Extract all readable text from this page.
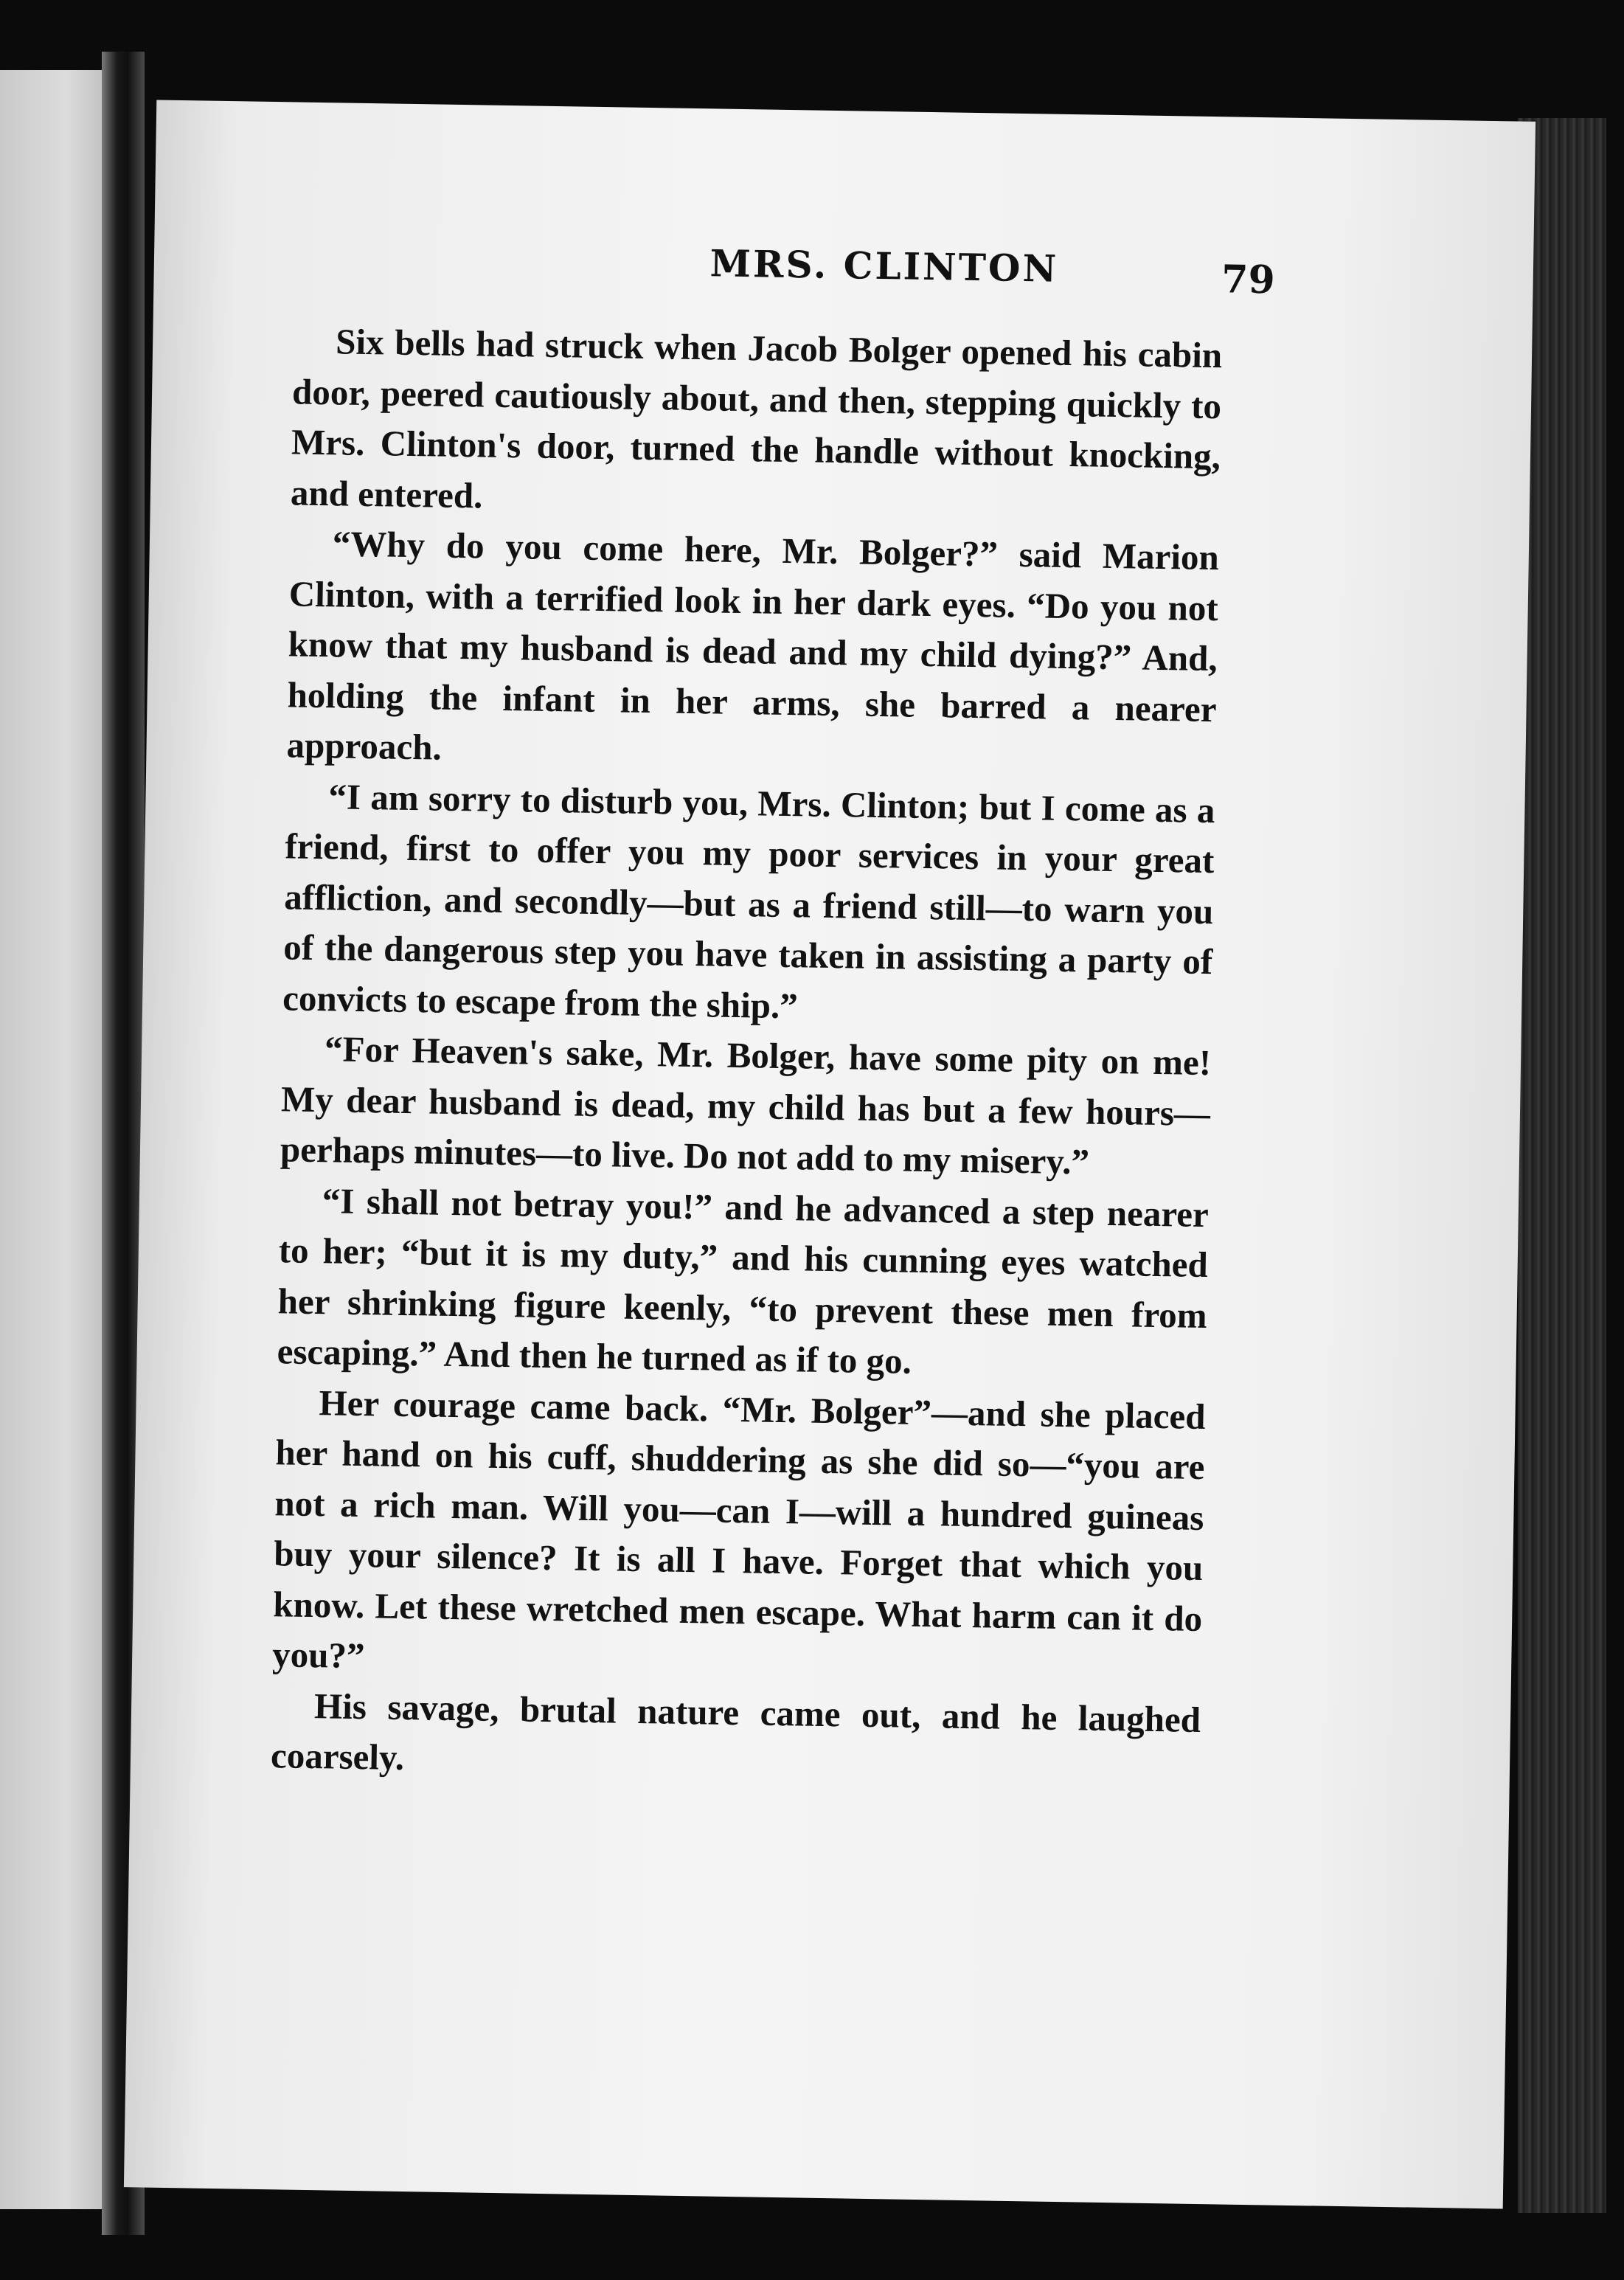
MRS. CLINTON	79

Six bells had struck when Jacob Bolger opened his cabin door, peered cautiously about, and then, stepping quickly to Mrs. Clinton's door, turned the handle without knocking, and entered.

“Why do you come here, Mr. Bolger?” said Marion Clinton, with a terrified look in her dark eyes. “Do you not know that my husband is dead and my child dying?” And, holding the infant in her arms, she barred a nearer approach.

“I am sorry to disturb you, Mrs. Clinton; but I come as a friend, first to offer you my poor services in your great affliction, and secondly—but as a friend still—to warn you of the dangerous step you have taken in assisting a party of convicts to escape from the ship.”

“For Heaven's sake, Mr. Bolger, have some pity on me! My dear husband is dead, my child has but a few hours—perhaps minutes—to live. Do not add to my misery.”

“I shall not betray you!” and he advanced a step nearer to her; “but it is my duty,” and his cunning eyes watched her shrinking figure keenly, “to prevent these men from escaping.” And then he turned as if to go.

Her courage came back. “Mr. Bolger”—and she placed her hand on his cuff, shuddering as she did so—“you are not a rich man. Will you—can I—will a hundred guineas buy your silence? It is all I have. Forget that which you know. Let these wretched men escape. What harm can it do you?”

His savage, brutal nature came out, and he laughed coarsely.
